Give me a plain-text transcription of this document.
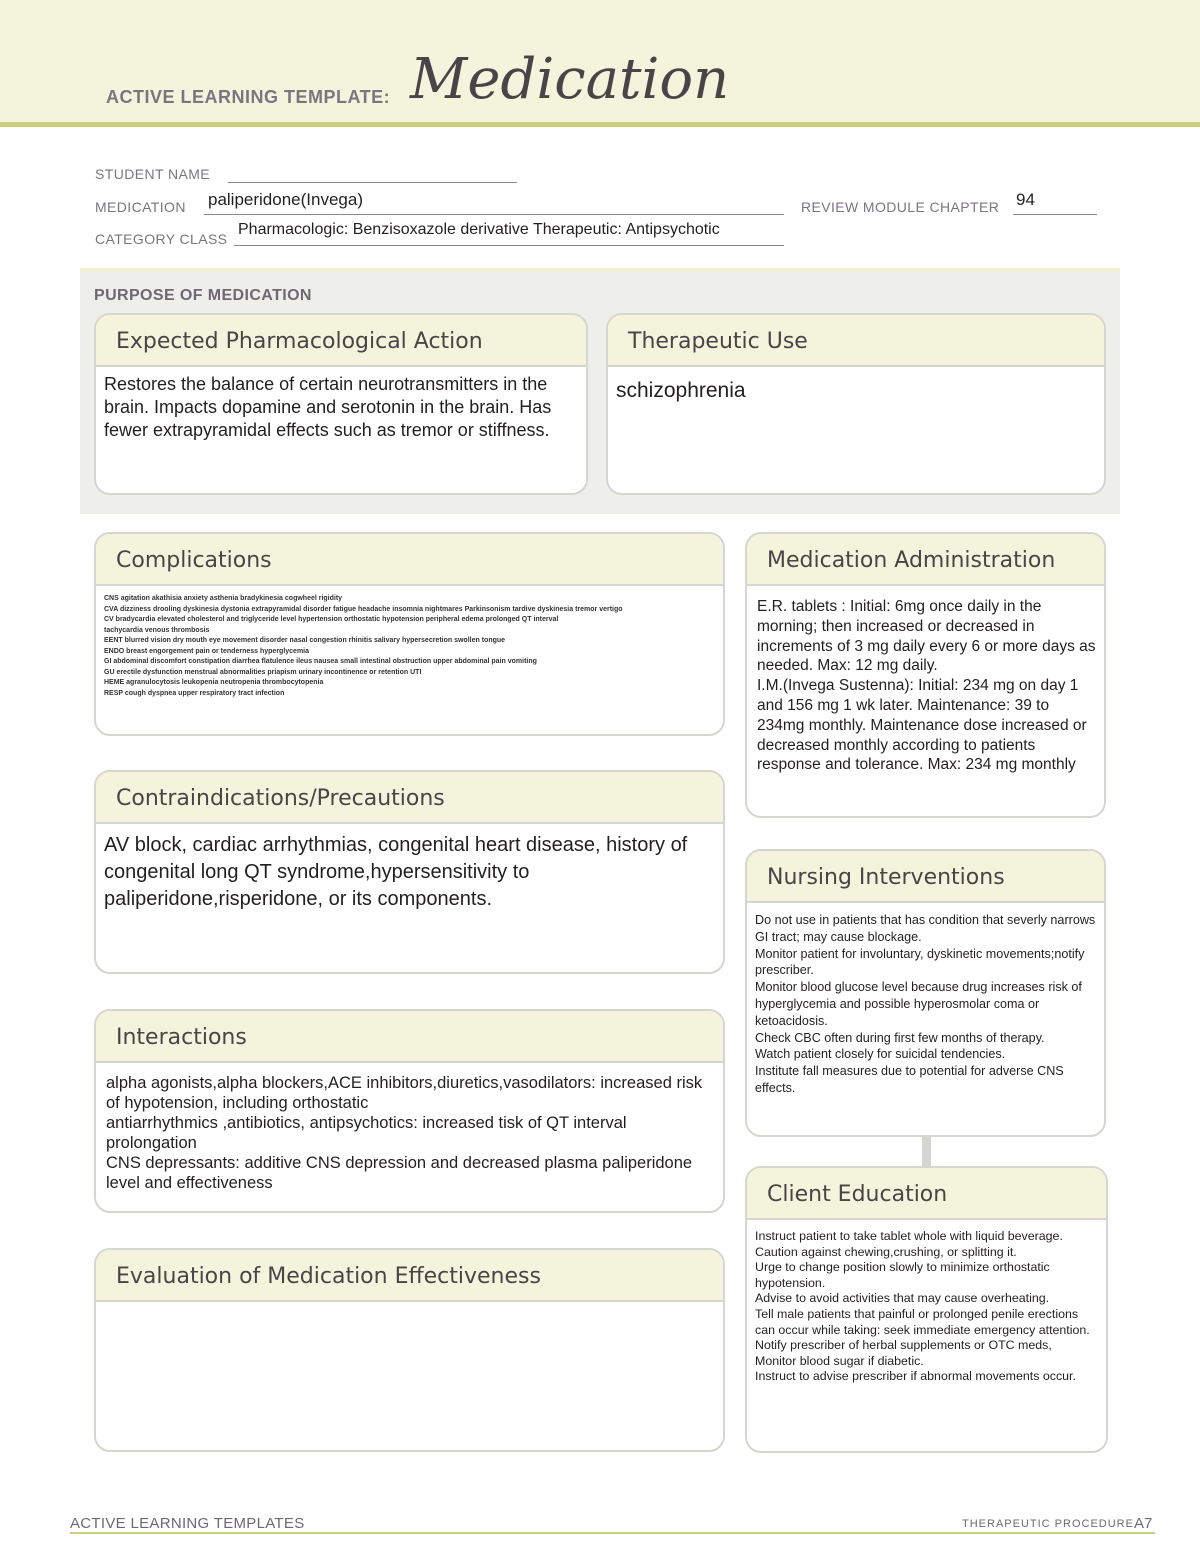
ACTIVE LEARNING TEMPLATE: Medication
STUDENT NAME
MEDICATION paliperidone(Invega)	REVIEW MODULE CHAPTER 94
CATEGORY CLASS
Pharmacologic: Benzisoxazole derivative Therapeutic: Antipsychotic
PURPOSE OF MEDICATION
Expected Pharmacological Action
Restores the balance of certain neurotransmitters in the brain. Impacts dopamine and serotonin in the brain. Has fewer extrapyramidal effects such as tremor or stiffness.
Therapeutic Use
schizophrenia
Complications
CNS agitation akathisia anxiety asthenia bradykinesia cogwheel rigidity
CVA dizziness drooling dyskinesia dystonia extrapyramidal disorder fatigue headache insomnia nightmares Parkinsonism tardive dyskinesia tremor vertigo
CV bradycardia elevated cholesterol and triglyceride level hypertension orthostatic hypotension peripheral edema prolonged QT interval
tachycardia venous thrombosis
EENT blurred vision dry mouth eye movement disorder nasal congestion rhinitis salivary hypersecretion swollen tongue
ENDO breast engorgement pain or tenderness hyperglycemia
GI abdominal discomfort constipation diarrhea flatulence ileus nausea small intestinal obstruction upper abdominal pain vomiting
GU erectile dysfunction menstrual abnormalities priapism urinary incontinence or retention UTI
HEME agranulocytosis leukopenia neutropenia thrombocytopenia
RESP cough dyspnea upper respiratory tract infection
Contraindications/Precautions
AV block, cardiac arrhythmias, congenital heart disease, history of congenital long QT syndrome,hypersensitivity to paliperidone,risperidone, or its components.
Interactions
alpha agonists,alpha blockers,ACE inhibitors,diuretics,vasodilators: increased risk of hypotension, including orthostatic
antiarrhythmics ,antibiotics, antipsychotics: increased tisk of QT interval prolongation
CNS depressants: additive CNS depression and decreased plasma paliperidone level and effectiveness
Evaluation of Medication Effectiveness
Medication Administration
E.R. tablets : Initial: 6mg once daily in the morning; then increased or decreased in increments of 3 mg daily every 6 or more days as needed. Max: 12 mg daily.
I.M.(Invega Sustenna): Initial: 234 mg on day 1 and 156 mg 1 wk later. Maintenance: 39 to 234mg monthly. Maintenance dose increased or decreased monthly according to patients response and tolerance. Max: 234 mg monthly
Nursing Interventions
Do not use in patients that has condition that severly narrows GI tract; may cause blockage.
Monitor patient for involuntary, dyskinetic movements;notify prescriber.
Monitor blood glucose level because drug increases risk of hyperglycemia and possible hyperosmolar coma or ketoacidosis.
Check CBC often during first few months of therapy.
Watch patient closely for suicidal tendencies.
Institute fall measures due to potential for adverse CNS effects.
Client Education
Instruct patient to take tablet whole with liquid beverage.
Caution against chewing,crushing, or splitting it.
Urge to change position slowly to minimize orthostatic hypotension.
Advise to avoid activities that may cause overheating.
Tell male patients that painful or prolonged penile erections can occur while taking: seek immediate emergency attention.
Notify prescriber of herbal supplements or OTC meds,
Monitor blood sugar if diabetic.
Instruct to advise prescriber if abnormal movements occur.
ACTIVE LEARNING TEMPLATES	THERAPEUTIC PROCEDURE A7
